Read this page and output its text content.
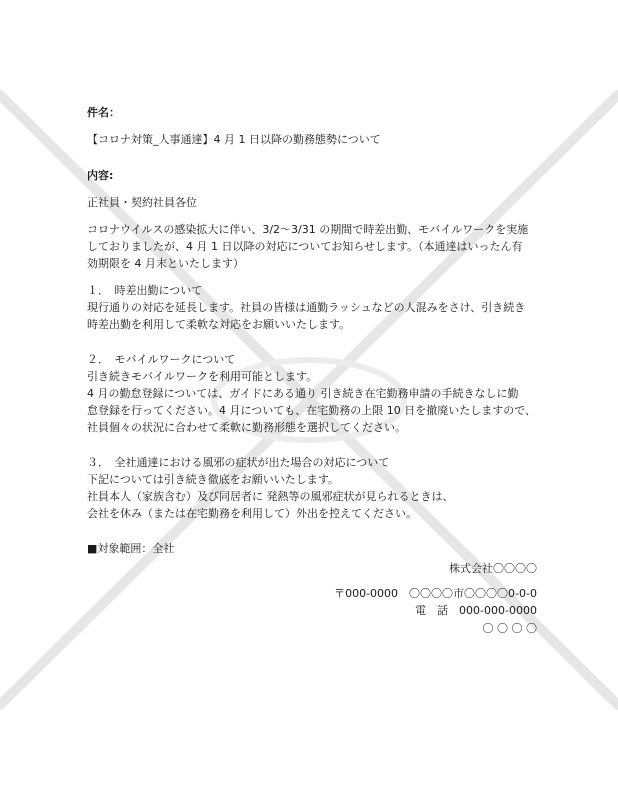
件名：
【コロナ対策_人事通達】4 月 1 日以降の勤務態勢について
内容:
正社員・契約社員各位
コロナウイルスの感染拡大に伴い、3/2～3/31 の期間で時差出勤、モバイルワークを実施
しておりましたが、4 月 1 日以降の対応についてお知らせします。（本通達はいったん有
効期限を 4 月末といたします）
１．　時差出勤について
現行通りの対応を延長します。社員の皆様は通勤ラッシュなどの人混みをさけ、引き続き
時差出勤を利用して柔軟な対応をお願いいたします。
２．　モバイルワークについて
引き続きモバイルワークを利用可能とします。
4 月の勤怠登録については、ガイドにある通り 引き続き在宅勤務申請の手続きなしに勤
怠登録を行ってください。4 月についても、在宅勤務の上限 10 日を撤廃いたしますので、
社員個々の状況に合わせて柔軟に勤務形態を選択してください。
３．　全社通達における風邪の症状が出た場合の対応について
下記については引き続き徹底をお願いいたします。
社員本人（家族含む）及び同居者に 発熱等の風邪症状が見られるときは、
会社を休み（または在宅勤務を利用して）外出を控えてください。
■対象範囲：全社
株式会社〇〇〇〇
〒000-0000　〇〇〇〇市〇〇〇〇0-0-0
電　話　000-000-0000
〇 〇 〇 〇
